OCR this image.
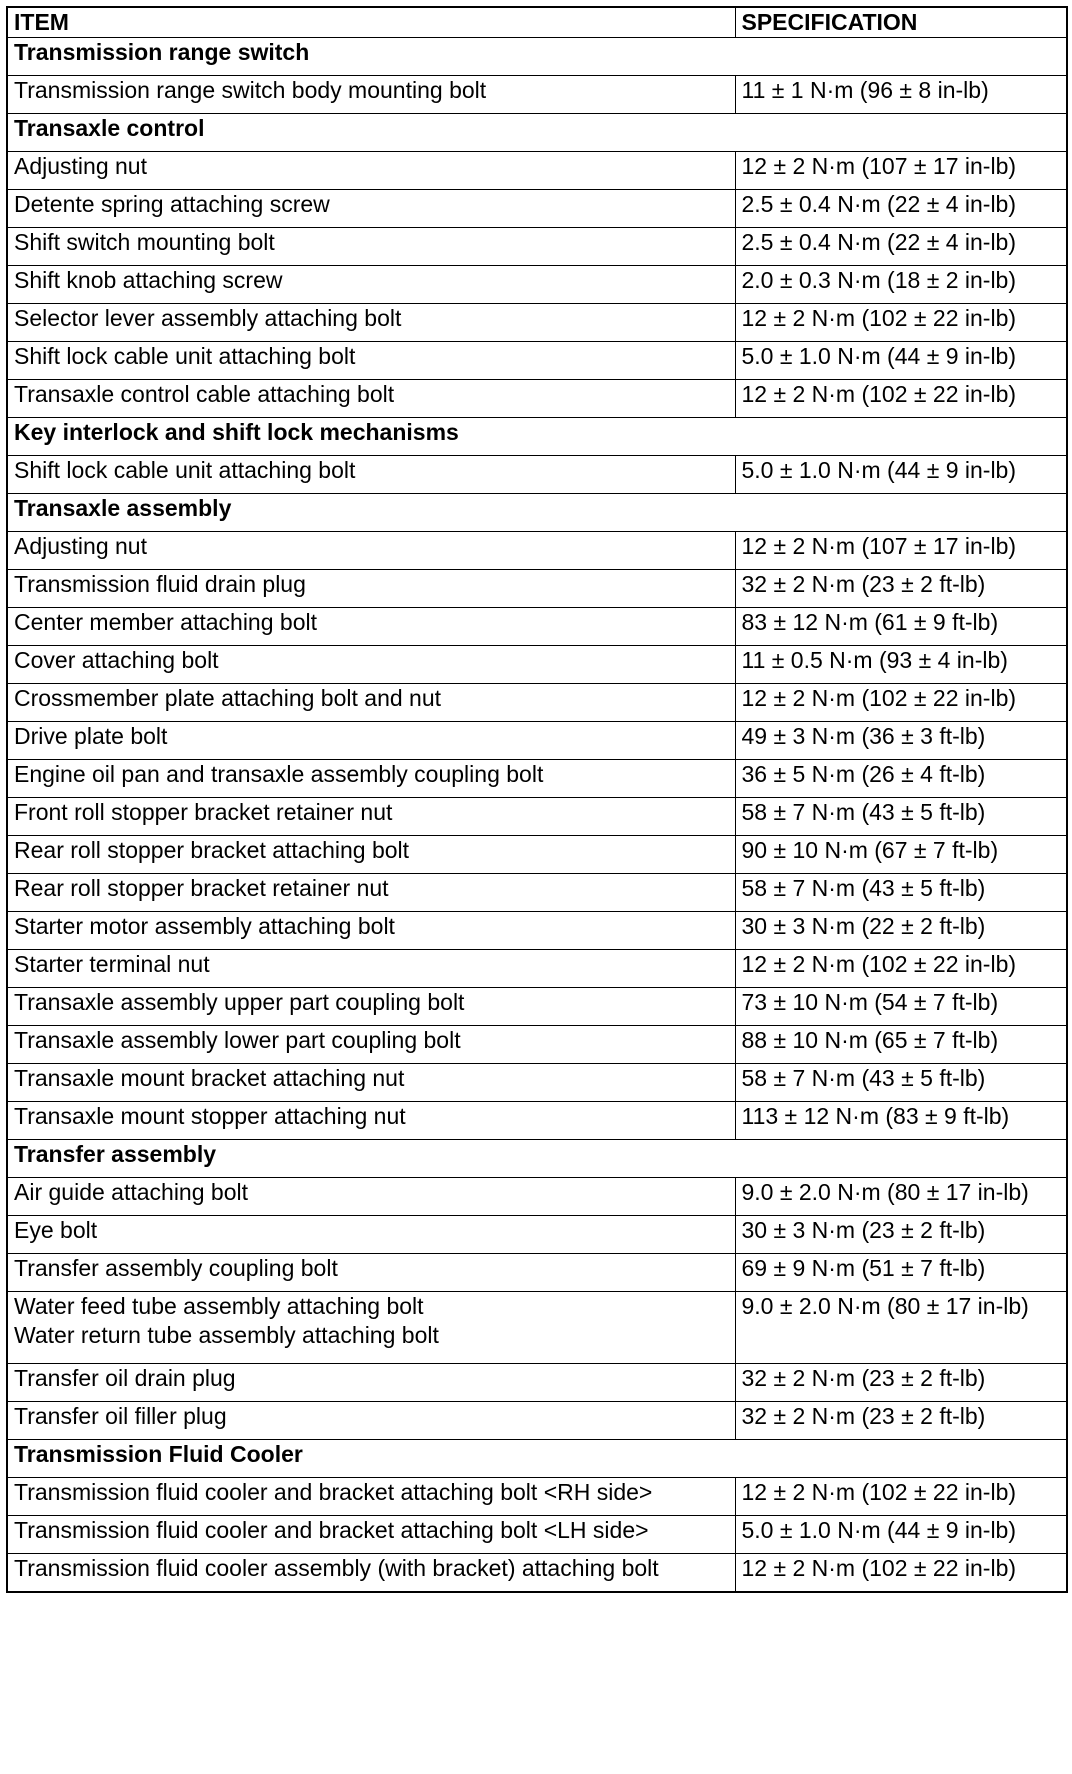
ITEM	SPECIFICATION
Transmission range switch	

Transmission range switch body mounting bolt	11 ± 1 N·m (96 ± 8 in-lb)
Transaxle control	

Adjusting nut	12 ± 2 N·m (107 ± 17 in-lb)

Detente spring attaching screw	2.5 ± 0.4 N·m (22 ± 4 in-lb)

Shift switch mounting bolt	2.5 ± 0.4 N·m (22 ± 4 in-lb)

Shift knob attaching screw	2.0 ± 0.3 N·m (18 ± 2 in-lb)

Selector lever assembly attaching bolt	12 ± 2 N·m (102 ± 22 in-lb)

Shift lock cable unit attaching bolt	5.0 ± 1.0 N·m (44 ± 9 in-lb)

Transaxle control cable attaching bolt	12 ± 2 N·m (102 ± 22 in-lb)
Key interlock and shift lock mechanisms	

Shift lock cable unit attaching bolt	5.0 ± 1.0 N·m (44 ± 9 in-lb)
Transaxle assembly	

Adjusting nut	12 ± 2 N·m (107 ± 17 in-lb)

Transmission fluid drain plug	32 ± 2 N·m (23 ± 2 ft-lb)

Center member attaching bolt	83 ± 12 N·m (61 ± 9 ft-lb)

Cover attaching bolt	11 ± 0.5 N·m (93 ± 4 in-lb)

Crossmember plate attaching bolt and nut	12 ± 2 N·m (102 ± 22 in-lb)

Drive plate bolt	49 ± 3 N·m (36 ± 3 ft-lb)

Engine oil pan and transaxle assembly coupling bolt	36 ± 5 N·m (26 ± 4 ft-lb)

Front roll stopper bracket retainer nut	58 ± 7 N·m (43 ± 5 ft-lb)

Rear roll stopper bracket attaching bolt	90 ± 10 N·m (67 ± 7 ft-lb)

Rear roll stopper bracket retainer nut	58 ± 7 N·m (43 ± 5 ft-lb)

Starter motor assembly attaching bolt	30 ± 3 N·m (22 ± 2 ft-lb)

Starter terminal nut	12 ± 2 N·m (102 ± 22 in-lb)

Transaxle assembly upper part coupling bolt	73 ± 10 N·m (54 ± 7 ft-lb)

Transaxle assembly lower part coupling bolt	88 ± 10 N·m (65 ± 7 ft-lb)

Transaxle mount bracket attaching nut	58 ± 7 N·m (43 ± 5 ft-lb)

Transaxle mount stopper attaching nut	113 ± 12 N·m (83 ± 9 ft-lb)
Transfer assembly	

Air guide attaching bolt	9.0 ± 2.0 N·m (80 ± 17 in-lb)

Eye bolt	30 ± 3 N·m (23 ± 2 ft-lb)

Transfer assembly coupling bolt	69 ± 9 N·m (51 ± 7 ft-lb)

Water feed tube assembly attaching bolt
Water return tube assembly attaching bolt	9.0 ± 2.0 N·m (80 ± 17 in-lb)

Transfer oil drain plug	32 ± 2 N·m (23 ± 2 ft-lb)

Transfer oil filler plug	32 ± 2 N·m (23 ± 2 ft-lb)
Transmission Fluid Cooler	

Transmission fluid cooler and bracket attaching bolt <RH side>	12 ± 2 N·m (102 ± 22 in-lb)

Transmission fluid cooler and bracket attaching bolt <LH side>	5.0 ± 1.0 N·m (44 ± 9 in-lb)

Transmission fluid cooler assembly (with bracket) attaching bolt	12 ± 2 N·m (102 ± 22 in-lb)
